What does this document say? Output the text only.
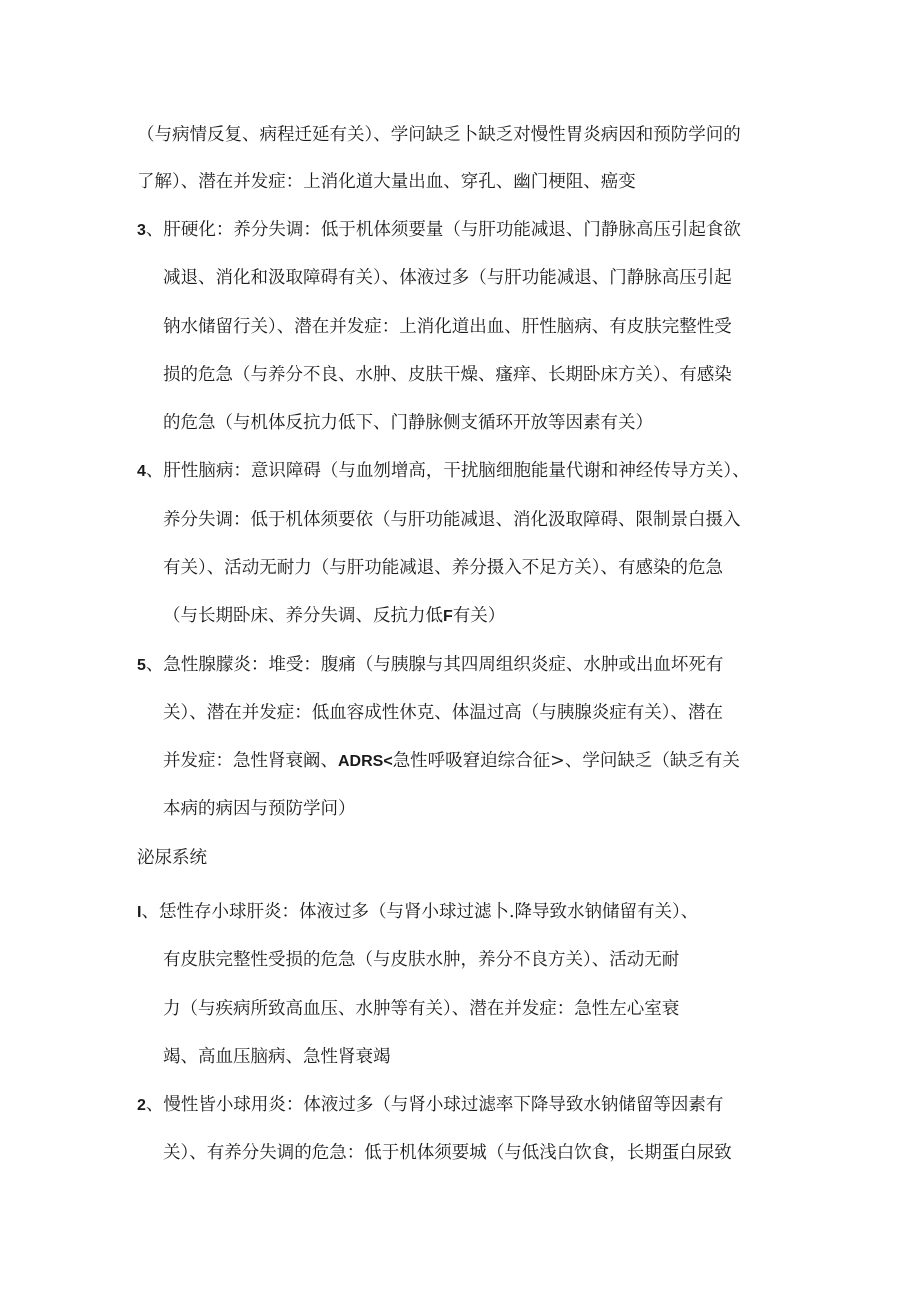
（与病情反复、病程迁延有关）、学问缺乏卜缺乏对慢性胃炎病因和预防学问的
了解）、潜在并发症：上消化道大量出血、穿孔、幽门梗阻、癌变
3、肝硬化：养分失调：低于机体须要量（与肝功能减退、门静脉高压引起食欲
减退、消化和汲取障碍有关）、体液过多（与肝功能减退、门静脉高压引起
钠水储留行关）、潜在并发症：上消化道出血、肝性脑病、有皮肤完整性受
损的危急（与养分不良、水肿、皮肤干燥、瘙痒、长期卧床方关）、有感染
的危急（与机体反抗力低下、门静脉侧支循环开放等因素有关）
4、肝性脑病：意识障碍（与血刎增高，干扰脑细胞能量代谢和神经传导方关）、
养分失调：低于机体须要依（与肝功能减退、消化汲取障碍、限制景白摄入
有关）、活动无耐力（与肝功能减退、养分摄入不足方关）、有感染的危急
（与长期卧床、养分失调、反抗力低F有关）
5、急性腺朦炎：堆受：腹痛（与胰腺与其四周组织炎症、水肿或出血坏死有
关）、潜在并发症：低血容成性休克、体温过高（与胰腺炎症有关）、潜在
并发症：急性肾衰阚、ADRS<急性呼吸窘迫综合征>、学问缺乏（缺乏有关
本病的病因与预防学问）
泌尿系统
I、恁性存小球肝炎：体液过多（与肾小球过滤卜.降导致水钠储留有关）、
有皮肤完整性受损的危急（与皮肤水肿，养分不良方关）、活动无耐
力（与疾病所致高血压、水肿等有关）、潜在并发症：急性左心室衰
竭、高血压脑病、急性肾衰竭
2、慢性皆小球用炎：体液过多（与肾小球过滤率下降导致水钠储留等因素有
关）、有养分失调的危急：低于机体须要城（与低浅白饮食，长期蛋白尿致
